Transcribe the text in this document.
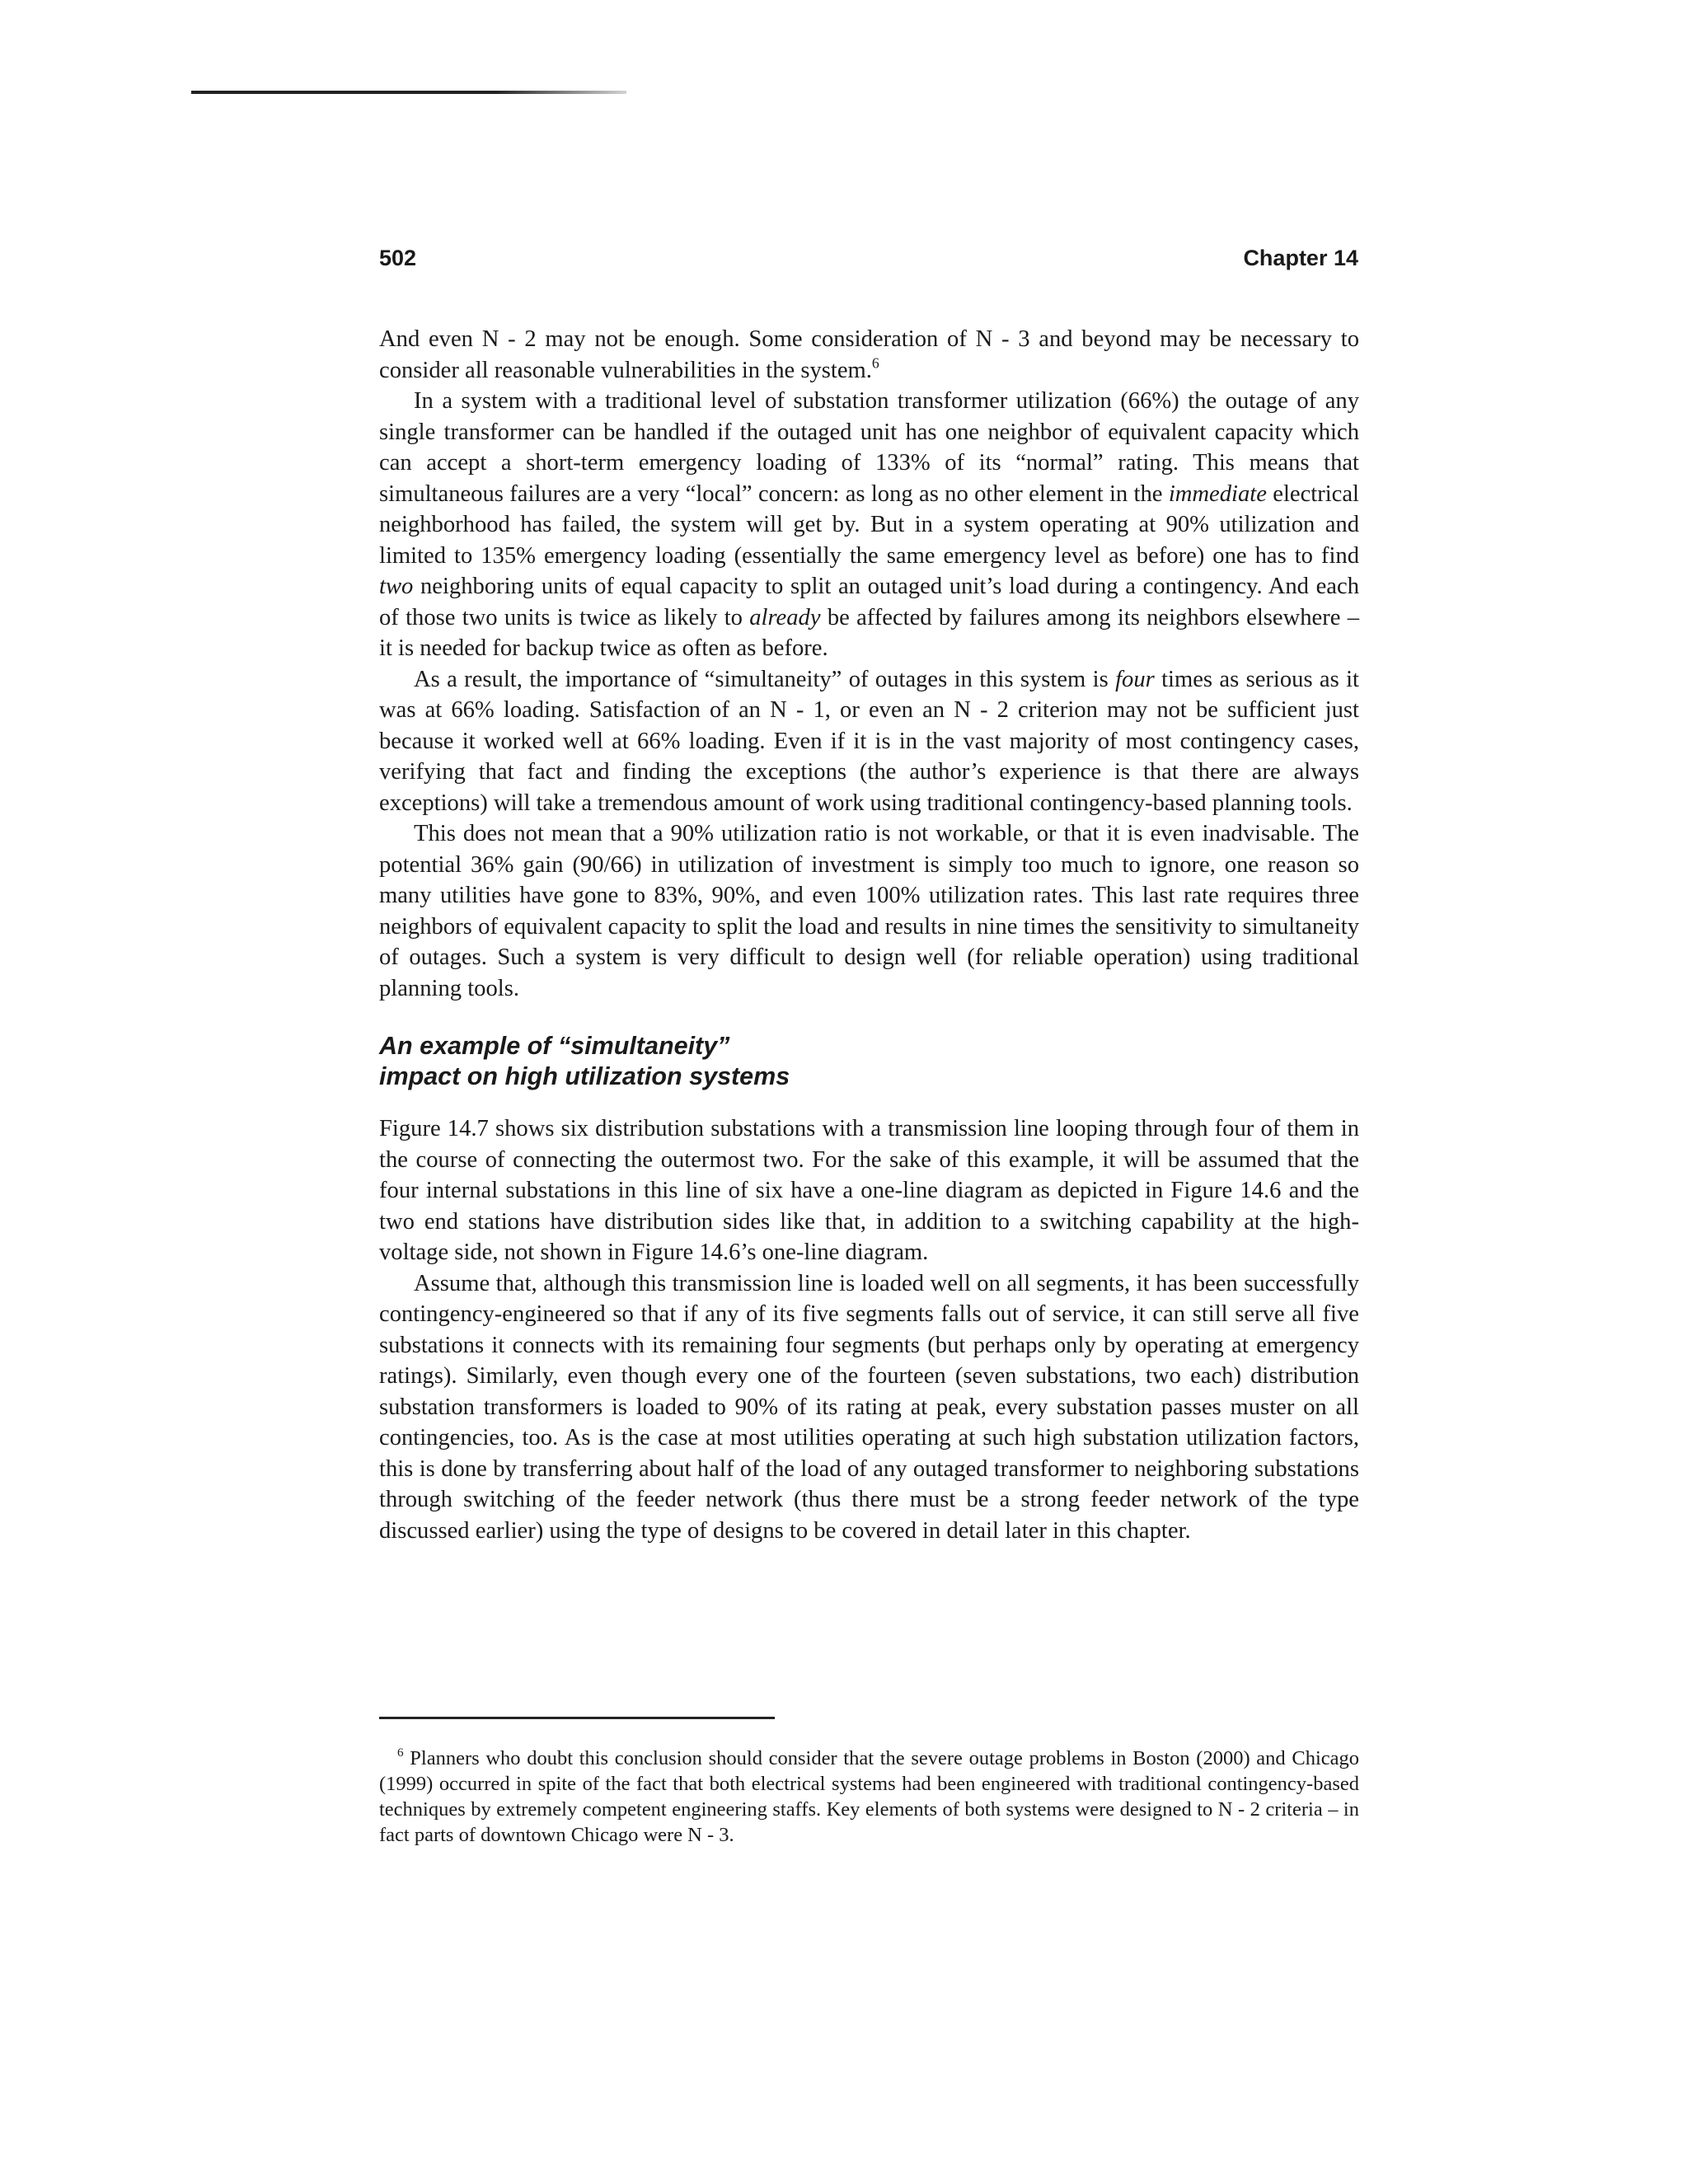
502	Chapter 14

And even N - 2 may not be enough. Some consideration of N - 3 and beyond may be necessary to consider all reasonable vulnerabilities in the system.$^6$

In a system with a traditional level of substation transformer utilization (66%) the outage of any single transformer can be handled if the outaged unit has one neighbor of equivalent capacity which can accept a short-term emergency loading of 133% of its “normal” rating. This means that simultaneous failures are a very “local” concern: as long as no other element in the immediate electrical neighborhood has failed, the system will get by. But in a system operating at 90% utilization and limited to 135% emergency loading (essentially the same emergency level as before) one has to find two neighboring units of equal capacity to split an outaged unit’s load during a contingency. And each of those two units is twice as likely to already be affected by failures among its neighbors elsewhere – it is needed for backup twice as often as before.

As a result, the importance of “simultaneity” of outages in this system is four times as serious as it was at 66% loading. Satisfaction of an N - 1, or even an N - 2 criterion may not be sufficient just because it worked well at 66% loading. Even if it is in the vast majority of most contingency cases, verifying that fact and finding the exceptions (the author’s experience is that there are always exceptions) will take a tremendous amount of work using traditional contingency-based planning tools.

This does not mean that a 90% utilization ratio is not workable, or that it is even inadvisable. The potential 36% gain (90/66) in utilization of investment is simply too much to ignore, one reason so many utilities have gone to 83%, 90%, and even 100% utilization rates. This last rate requires three neighbors of equivalent capacity to split the load and results in nine times the sensitivity to simultaneity of outages. Such a system is very difficult to design well (for reliable operation) using traditional planning tools.

An example of “simultaneity”
impact on high utilization systems

Figure 14.7 shows six distribution substations with a transmission line looping through four of them in the course of connecting the outermost two. For the sake of this example, it will be assumed that the four internal substations in this line of six have a one-line diagram as depicted in Figure 14.6 and the two end stations have distribution sides like that, in addition to a switching capability at the high-voltage side, not shown in Figure 14.6’s one-line diagram.

Assume that, although this transmission line is loaded well on all segments, it has been successfully contingency-engineered so that if any of its five segments falls out of service, it can still serve all five substations it connects with its remaining four segments (but perhaps only by operating at emergency ratings). Similarly, even though every one of the fourteen (seven substations, two each) distribution substation transformers is loaded to 90% of its rating at peak, every substation passes muster on all contingencies, too. As is the case at most utilities operating at such high substation utilization factors, this is done by transferring about half of the load of any outaged transformer to neighboring substations through switching of the feeder network (thus there must be a strong feeder network of the type discussed earlier) using the type of designs to be covered in detail later in this chapter.

$^6$ Planners who doubt this conclusion should consider that the severe outage problems in Boston (2000) and Chicago (1999) occurred in spite of the fact that both electrical systems had been engineered with traditional contingency-based techniques by extremely competent engineering staffs. Key elements of both systems were designed to N - 2 criteria – in fact parts of downtown Chicago were N - 3.
